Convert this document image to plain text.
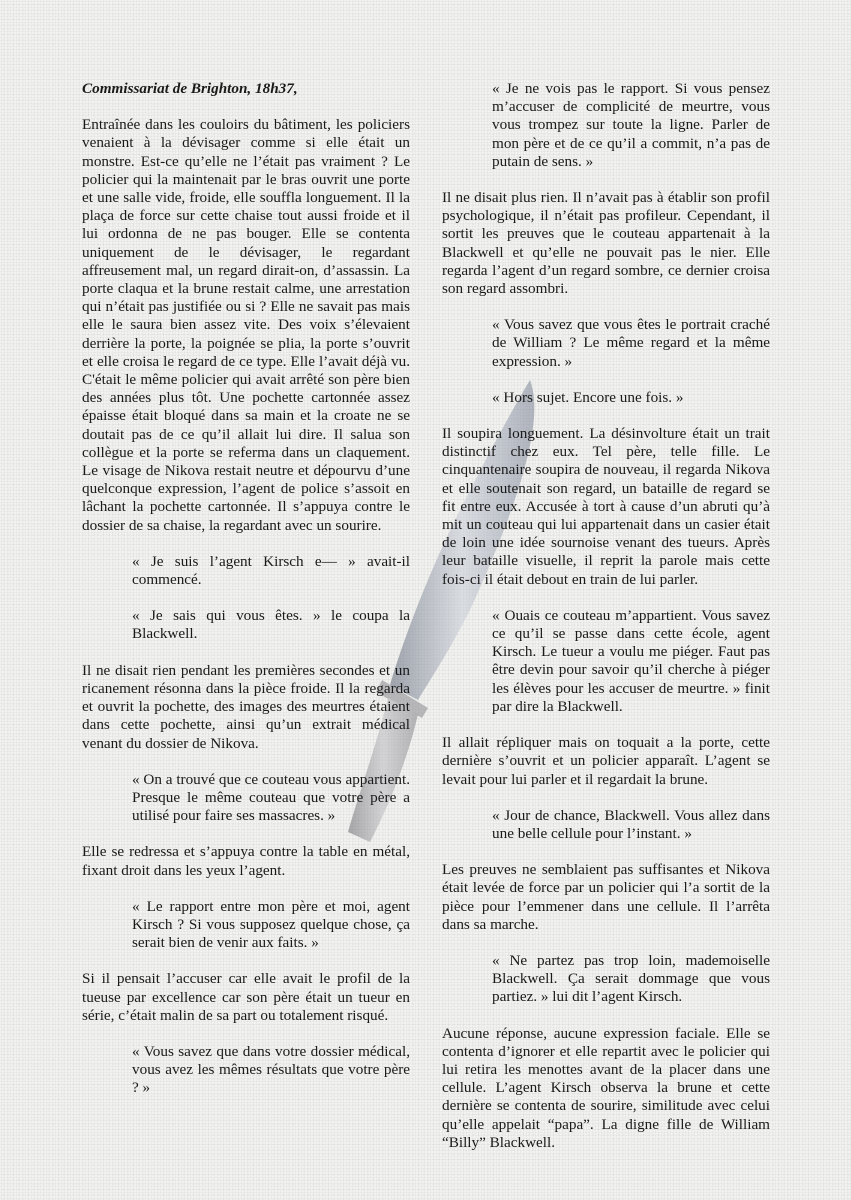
Commissariat de Brighton, 18h37,

Entraînée dans les couloirs du bâtiment, les policiers venaient à la dévisager comme si elle était un monstre. Est-ce qu’elle ne l’était pas vraiment ? Le policier qui la maintenait par le bras ouvrit une porte et une salle vide, froide, elle souffla longuement. Il la plaça de force sur cette chaise tout aussi froide et il lui ordonna de ne pas bouger. Elle se contenta uniquement de le dévisager, le regardant affreusement mal, un regard dirait-on, d’assassin. La porte claqua et la brune restait calme, une arrestation qui n’était pas justifiée ou si ? Elle ne savait pas mais elle le saura bien assez vite. Des voix s’élevaient derrière la porte, la poignée se plia, la porte s’ouvrit et elle croisa le regard de ce type. Elle l’avait déjà vu. C'était le même policier qui avait arrêté son père bien des années plus tôt. Une pochette cartonnée assez épaisse était bloqué dans sa main et la croate ne se doutait pas de ce qu’il allait lui dire. Il salua son collègue et la porte se referma dans un claquement. Le visage de Nikova restait neutre et dépourvu d’une quelconque expression, l’agent de police s’assoit en lâchant la pochette cartonnée. Il s’appuya contre le dossier de sa chaise, la regardant avec un sourire.

« Je suis l’agent Kirsch e— » avait-il commencé.

« Je sais qui vous êtes. » le coupa la Blackwell.

Il ne disait rien pendant les premières secondes et un ricanement résonna dans la pièce froide. Il la regarda et ouvrit la pochette, des images des meurtres étaient dans cette pochette, ainsi qu’un extrait médical venant du dossier de Nikova.

« On a trouvé que ce couteau vous appartient. Presque le même couteau que votre père a utilisé pour faire ses massacres. »

Elle se redressa et s’appuya contre la table en métal, fixant droit dans les yeux l’agent.

« Le rapport entre mon père et moi, agent Kirsch ? Si vous supposez quelque chose, ça serait bien de venir aux faits. »

Si il pensait l’accuser car elle avait le profil de la tueuse par excellence car son père était un tueur en série, c’était malin de sa part ou totalement risqué.

« Vous savez que dans votre dossier médical, vous avez les mêmes résultats que votre père ? »

« Je ne vois pas le rapport. Si vous pensez m’accuser de complicité de meurtre, vous vous trompez sur toute la ligne. Parler de mon père et de ce qu’il a commit, n’a pas de putain de sens. »

Il ne disait plus rien. Il n’avait pas à établir son profil psychologique, il n’était pas profileur. Cependant, il sortit les preuves que le couteau appartenait à la Blackwell et qu’elle ne pouvait pas le nier. Elle regarda l’agent d’un regard sombre, ce dernier croisa son regard assombri.

« Vous savez que vous êtes le portrait craché de William ? Le même regard et la même expression. »

« Hors sujet. Encore une fois. »

Il soupira longuement. La désinvolture était un trait distinctif chez eux. Tel père, telle fille. Le cinquantenaire soupira de nouveau, il regarda Nikova et elle soutenait son regard, un bataille de regard se fit entre eux. Accusée à tort à cause d’un abruti qu’à mit un couteau qui lui appartenait dans un casier était de loin une idée sournoise venant des tueurs. Après leur bataille visuelle, il reprit la parole mais cette fois-ci il était debout en train de lui parler.

« Ouais ce couteau m’appartient. Vous savez ce qu’il se passe dans cette école, agent Kirsch. Le tueur a voulu me piéger. Faut pas être devin pour savoir qu’il cherche à piéger les élèves pour les accuser de meurtre. » finit par dire la Blackwell.

Il allait répliquer mais on toquait a la porte, cette dernière s’ouvrit et un policier apparaît. L’agent se levait pour lui parler et il regardait la brune.

« Jour de chance, Blackwell. Vous allez dans une belle cellule pour l’instant. »

Les preuves ne semblaient pas suffisantes et Nikova était levée de force par un policier qui l’a sortit de la pièce pour l’emmener dans une cellule. Il l’arrêta dans sa marche.

« Ne partez pas trop loin, mademoiselle Blackwell. Ça serait dommage que vous partiez. » lui dit l’agent Kirsch.

Aucune réponse, aucune expression faciale. Elle se contenta d’ignorer et elle repartit avec le policier qui lui retira les menottes avant de la placer dans une cellule. L’agent Kirsch observa la brune et cette dernière se contenta de sourire, similitude avec celui qu’elle appelait “papa”. La digne fille de William “Billy” Blackwell.
